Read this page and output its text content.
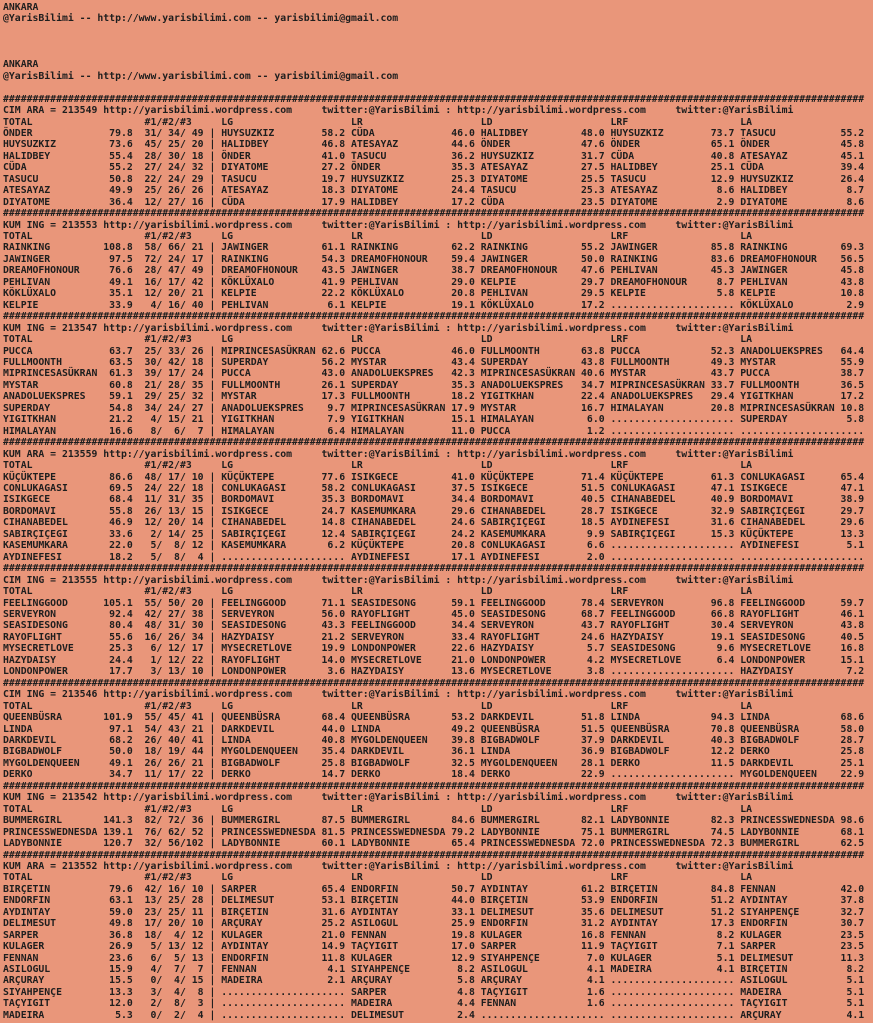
ANKARA
@YarisBilimi -- http://www.yarisbilimi.com -- yarisbilimi@gmail.com

ANKARA
@YarisBilimi -- http://www.yarisbilimi.com -- yarisbilimi@gmail.com
##################################################################################################################################################
CIM ARA = 213549 http://yarisbilimi.wordpress.com     twitter:@YarisBilimi : http://yarisbilimi.wordpress.com     twitter:@YarisBilimi
TOTAL                   #1/#2/#3     LG                    LR                    LD                    LRF                   LA
ÖNDER             79.8  31/ 34/ 49 | HUYSUZKIZ        58.2 CÜDA             46.0 HALIDBEY         48.0 HUYSUZKIZ        73.7 TASUCU           55.2
HUYSUZKIZ         73.6  45/ 25/ 20 | HALIDBEY         46.8 ATESAYAZ         44.6 ÖNDER            47.6 ÖNDER            65.1 ÖNDER            45.8
HALIDBEY          55.4  28/ 30/ 18 | ÖNDER            41.0 TASUCU           36.2 HUYSUZKIZ        31.7 CÜDA             40.8 ATESAYAZ         45.1
CÜDA              55.2  27/ 24/ 32 | DIYATOME         27.2 ÖNDER            35.3 ATESAYAZ         27.5 HALIDBEY         25.1 CÜDA             39.4
TASUCU            50.8  22/ 24/ 29 | TASUCU           19.7 HUYSUZKIZ        25.3 DIYATOME         25.5 TASUCU           12.9 HUYSUZKIZ        26.4
ATESAYAZ          49.9  25/ 26/ 26 | ATESAYAZ         18.3 DIYATOME         24.4 TASUCU           25.3 ATESAYAZ          8.6 HALIDBEY          8.7
DIYATOME          36.4  12/ 27/ 16 | CÜDA             17.9 HALIDBEY         17.2 CÜDA             23.5 DIYATOME          2.9 DIYATOME          8.6
##################################################################################################################################################
KUM ING = 213553 http://yarisbilimi.wordpress.com     twitter:@YarisBilimi : http://yarisbilimi.wordpress.com     twitter:@YarisBilimi
TOTAL                   #1/#2/#3     LG                    LR                    LD                    LRF                   LA
RAINKING         108.8  58/ 66/ 21 | JAWINGER         61.1 RAINKING         62.2 RAINKING         55.2 JAWINGER         85.8 RAINKING         69.3
JAWINGER          97.5  72/ 24/ 17 | RAINKING         54.3 DREAMOFHONOUR    59.4 JAWINGER         50.0 RAINKING         83.6 DREAMOFHONOUR    56.5
DREAMOFHONOUR     76.6  28/ 47/ 49 | DREAMOFHONOUR    43.5 JAWINGER         38.7 DREAMOFHONOUR    47.6 PEHLIVAN         45.3 JAWINGER         45.8
PEHLIVAN          49.1  16/ 17/ 42 | KÖKLÜXALO        41.9 PEHLIVAN         29.0 KELPIE           29.7 DREAMOFHONOUR     8.7 PEHLIVAN         43.8
KÖKLÜXALO         35.1  12/ 20/ 21 | KELPIE           22.2 KÖKLÜXALO        20.8 PEHLIVAN         29.5 KELPIE            5.8 KELPIE           10.8
KELPIE            33.9   4/ 16/ 40 | PEHLIVAN          6.1 KELPIE           19.1 KÖKLÜXALO        17.2 ..................... KÖKLÜXALO         2.9
##################################################################################################################################################
KUM ING = 213547 http://yarisbilimi.wordpress.com     twitter:@YarisBilimi : http://yarisbilimi.wordpress.com     twitter:@YarisBilimi
TOTAL                   #1/#2/#3     LG                    LR                    LD                    LRF                   LA
PUCCA             63.7  25/ 33/ 26 | MIPRINCESASÜKRAN 62.6 PUCCA            46.0 FULLMOONTH       63.8 PUCCA            52.3 ANADOLUEKSPRES   64.4
FULLMOONTH        63.5  30/ 42/ 18 | SUPERDAY         56.2 MYSTAR           43.4 SUPERDAY         43.8 FULLMOONTH       49.3 MYSTAR           55.9
MIPRINCESASÜKRAN  61.3  39/ 17/ 24 | PUCCA            43.0 ANADOLUEKSPRES   42.3 MIPRINCESASÜKRAN 40.6 MYSTAR           43.7 PUCCA            38.7
MYSTAR            60.8  21/ 28/ 35 | FULLMOONTH       26.1 SUPERDAY         35.3 ANADOLUEKSPRES   34.7 MIPRINCESASÜKRAN 33.7 FULLMOONTH       36.5
ANADOLUEKSPRES    59.1  29/ 25/ 32 | MYSTAR           17.3 FULLMOONTH       18.2 YIGITKHAN        22.4 ANADOLUEKSPRES   29.4 YIGITKHAN        17.2
SUPERDAY          54.8  34/ 24/ 27 | ANADOLUEKSPRES    9.7 MIPRINCESASÜKRAN 17.9 MYSTAR           16.7 HIMALAYAN        20.8 MIPRINCESASÜKRAN 10.8
YIGITKHAN         21.2   4/ 15/ 21 | YIGITKHAN         7.9 YIGITKHAN        15.1 HIMALAYAN         6.0 ..................... SUPERDAY          5.8
HIMALAYAN         16.6   8/  6/  7 | HIMALAYAN         6.4 HIMALAYAN        11.0 PUCCA             1.2 ..................... .....................
##################################################################################################################################################
KUM ARA = 213559 http://yarisbilimi.wordpress.com     twitter:@YarisBilimi : http://yarisbilimi.wordpress.com     twitter:@YarisBilimi
TOTAL                   #1/#2/#3     LG                    LR                    LD                    LRF                   LA
KÜÇÜKTEPE         86.6  48/ 17/ 10 | KÜÇÜKTEPE        77.6 ISIKGECE         41.0 KÜÇÜKTEPE        71.4 KÜÇÜKTEPE        61.3 CONLUKAGASI      65.4
CONLUKAGASI       69.5  24/ 22/ 18 | CONLUKAGASI      58.2 CONLUKAGASI      37.5 ISIKGECE         51.5 CONLUKAGASI      47.1 ISIKGECE         47.1
ISIKGECE          68.4  11/ 31/ 35 | BORDOMAVI        35.3 BORDOMAVI        34.4 BORDOMAVI        40.5 CIHANABEDEL      40.9 BORDOMAVI        38.9
BORDOMAVI         55.8  26/ 13/ 15 | ISIKGECE         24.7 KASEMUMKARA      29.6 CIHANABEDEL      28.7 ISIKGECE         32.9 SABIRÇIÇEGI      29.7
CIHANABEDEL       46.9  12/ 20/ 14 | CIHANABEDEL      14.8 CIHANABEDEL      24.6 SABIRÇIÇEGI      18.5 AYDINEFESI       31.6 CIHANABEDEL      29.6
SABIRÇIÇEGI       33.6   2/ 14/ 25 | SABIRÇIÇEGI      12.4 SABIRÇIÇEGI      24.2 KASEMUMKARA       9.9 SABIRÇIÇEGI      15.3 KÜÇÜKTEPE        13.3
KASEMUMKARA       22.0   5/  8/ 12 | KASEMUMKARA       6.2 KÜÇÜKTEPE        20.8 CONLUKAGASI       6.6 ..................... AYDINEFESI        5.1
AYDINEFESI        18.2   5/  8/  4 | ..................... AYDINEFESI       17.1 AYDINEFESI        2.0 ..................... .....................
##################################################################################################################################################
CIM ING = 213555 http://yarisbilimi.wordpress.com     twitter:@YarisBilimi : http://yarisbilimi.wordpress.com     twitter:@YarisBilimi
TOTAL                   #1/#2/#3     LG                    LR                    LD                    LRF                   LA
FEELINGGOOD      105.1  55/ 50/ 20 | FEELINGGOOD      71.1 SEASIDESONG      59.1 FEELINGGOOD      78.4 SERVEYRON        96.8 FEELINGGOOD      59.7
SERVEYRON         92.4  42/ 27/ 38 | SERVEYRON        56.0 RAYOFLIGHT       45.0 SEASIDESONG      68.7 FEELINGGOOD      66.8 RAYOFLIGHT       46.1
SEASIDESONG       80.4  48/ 31/ 30 | SEASIDESONG      43.3 FEELINGGOOD      34.4 SERVEYRON        43.7 RAYOFLIGHT       30.4 SERVEYRON        43.8
RAYOFLIGHT        55.6  16/ 26/ 34 | HAZYDAISY        21.2 SERVEYRON        33.4 RAYOFLIGHT       24.6 HAZYDAISY        19.1 SEASIDESONG      40.5
MYSECRETLOVE      25.3   6/ 12/ 17 | MYSECRETLOVE     19.9 LONDONPOWER      22.6 HAZYDAISY         5.7 SEASIDESONG       9.6 MYSECRETLOVE     16.8
HAZYDAISY         24.4   1/ 12/ 22 | RAYOFLIGHT       14.0 MYSECRETLOVE     21.0 LONDONPOWER       4.2 MYSECRETLOVE      6.4 LONDONPOWER      15.1
LONDONPOWER       17.7   3/ 13/ 10 | LONDONPOWER       3.6 HAZYDAISY        13.6 MYSECRETLOVE      3.8 ..................... HAZYDAISY         7.2
##################################################################################################################################################
CIM ING = 213546 http://yarisbilimi.wordpress.com     twitter:@YarisBilimi : http://yarisbilimi.wordpress.com     twitter:@YarisBilimi
TOTAL                   #1/#2/#3     LG                    LR                    LD                    LRF                   LA
QUEENBÜSRA       101.9  55/ 45/ 41 | QUEENBÜSRA       68.4 QUEENBÜSRA       53.2 DARKDEVIL        51.8 LINDA            94.3 LINDA            68.6
LINDA             97.1  54/ 43/ 21 | DARKDEVIL        44.0 LINDA            49.2 QUEENBÜSRA       51.5 QUEENBÜSRA       70.8 QUEENBÜSRA       58.0
DARKDEVIL         68.2  26/ 40/ 41 | LINDA            40.8 MYGOLDENQUEEN    39.8 BIGBADWOLF       37.9 DARKDEVIL        40.3 BIGBADWOLF       28.7
BIGBADWOLF        50.0  18/ 19/ 44 | MYGOLDENQUEEN    35.4 DARKDEVIL        36.1 LINDA            36.9 BIGBADWOLF       12.2 DERKO            25.8
MYGOLDENQUEEN     49.1  26/ 26/ 21 | BIGBADWOLF       25.8 BIGBADWOLF       32.5 MYGOLDENQUEEN    28.1 DERKO            11.5 DARKDEVIL        25.1
DERKO             34.7  11/ 17/ 22 | DERKO            14.7 DERKO            18.4 DERKO            22.9 ..................... MYGOLDENQUEEN    22.9
##################################################################################################################################################
KUM ING = 213542 http://yarisbilimi.wordpress.com     twitter:@YarisBilimi : http://yarisbilimi.wordpress.com     twitter:@YarisBilimi
TOTAL                   #1/#2/#3     LG                    LR                    LD                    LRF                   LA
BUMMERGIRL       141.3  82/ 72/ 36 | BUMMERGIRL       87.5 BUMMERGIRL       84.6 BUMMERGIRL       82.1 LADYBONNIE       82.3 PRINCESSWEDNESDA 98.6
PRINCESSWEDNESDA 139.1  76/ 62/ 52 | PRINCESSWEDNESDA 81.5 PRINCESSWEDNESDA 79.2 LADYBONNIE       75.1 BUMMERGIRL       74.5 LADYBONNIE       68.1
LADYBONNIE       120.7  32/ 56/102 | LADYBONNIE       60.1 LADYBONNIE       65.4 PRINCESSWEDNESDA 72.0 PRINCESSWEDNESDA 72.3 BUMMERGIRL       62.5
##################################################################################################################################################
KUM ARA = 213552 http://yarisbilimi.wordpress.com     twitter:@YarisBilimi : http://yarisbilimi.wordpress.com     twitter:@YarisBilimi
TOTAL                   #1/#2/#3     LG                    LR                    LD                    LRF                   LA
BIRÇETIN          79.6  42/ 16/ 10 | SARPER           65.4 ENDORFIN         50.7 AYDINTAY         61.2 BIRÇETIN         84.8 FENNAN           42.0
ENDORFIN          63.1  13/ 25/ 28 | DELIMESUT        53.1 BIRÇETIN         44.0 BIRÇETIN         53.9 ENDORFIN         51.2 AYDINTAY         37.8
AYDINTAY          59.0  23/ 25/ 11 | BIRÇETIN         31.6 AYDINTAY         33.1 DELIMESUT        35.6 DELIMESUT        51.2 SIYAHPENÇE       32.7
DELIMESUT         49.8  17/ 20/ 10 | ARÇURAY          25.2 ASILOGUL         25.9 ENDORFIN         31.2 AYDINTAY         17.3 ENDORFIN         30.7
SARPER            36.8  18/  4/ 12 | KULAGER          21.0 FENNAN           19.8 KULAGER          16.8 FENNAN            8.2 KULAGER          23.5
KULAGER           26.9   5/ 13/ 12 | AYDINTAY         14.9 TAÇYIGIT         17.0 SARPER           11.9 TAÇYIGIT          7.1 SARPER           23.5
FENNAN            23.6   6/  5/ 13 | ENDORFIN         11.8 KULAGER          12.9 SIYAHPENÇE        7.0 KULAGER           5.1 DELIMESUT        11.3
ASILOGUL          15.9   4/  7/  7 | FENNAN            4.1 SIYAHPENÇE        8.2 ASILOGUL          4.1 MADEIRA           4.1 BIRÇETIN          8.2
ARÇURAY           15.5   0/  4/ 15 | MADEIRA           2.1 ARÇURAY           5.8 ARÇURAY           4.1 ..................... ASILOGUL          5.1
SIYAHPENÇE        13.3   3/  4/  8 | ..................... SARPER            4.8 TAÇYIGIT          1.6 ..................... MADEIRA           5.1
TAÇYIGIT          12.0   2/  8/  3 | ..................... MADEIRA           4.4 FENNAN            1.6 ..................... TAÇYIGIT          5.1
MADEIRA            5.3   0/  2/  4 | ..................... DELIMESUT         2.4 ..................... ..................... ARÇURAY           4.1
